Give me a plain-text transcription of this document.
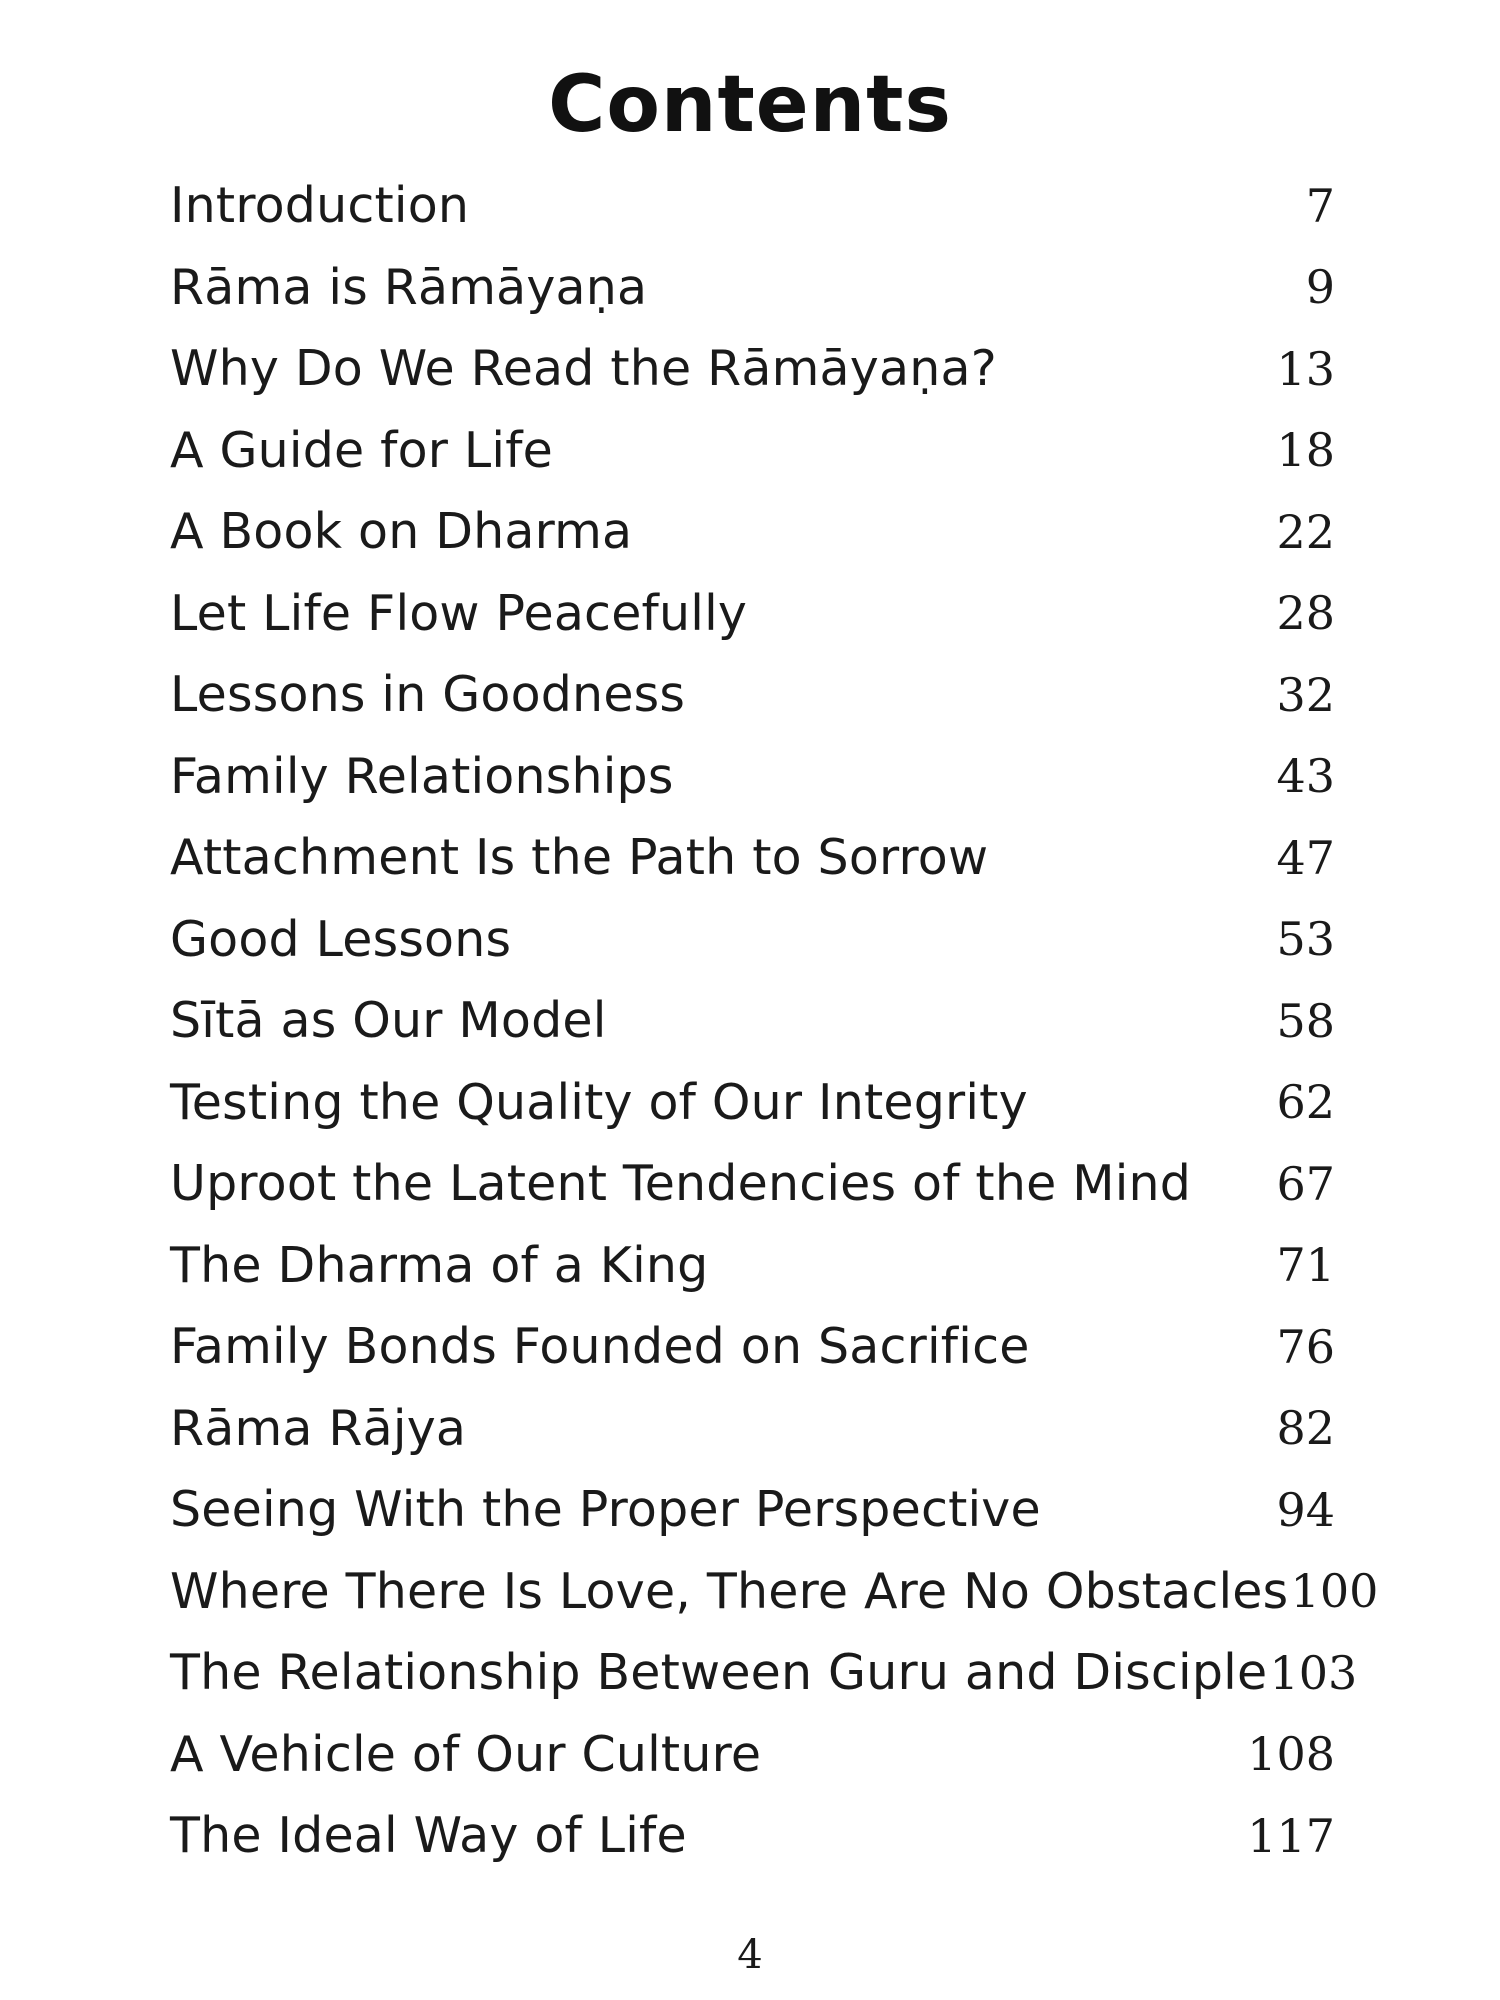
Contents
Introduction	7
Rāma is Rāmāyaṇa	9
Why Do We Read the Rāmāyaṇa?	13
A Guide for Life	18
A Book on Dharma	22
Let Life Flow Peacefully	28
Lessons in Goodness	32
Family Relationships	43
Attachment Is the Path to Sorrow	47
Good Lessons	53
Sītā as Our Model	58
Testing the Quality of Our Integrity	62
Uproot the Latent Tendencies of the Mind	67
The Dharma of a King	71
Family Bonds Founded on Sacrifice	76
Rāma Rājya	82
Seeing With the Proper Perspective	94
Where There Is Love, There Are No Obstacles 100
The Relationship Between Guru and Disciple 103
A Vehicle of Our Culture	108
The Ideal Way of Life	117
4
